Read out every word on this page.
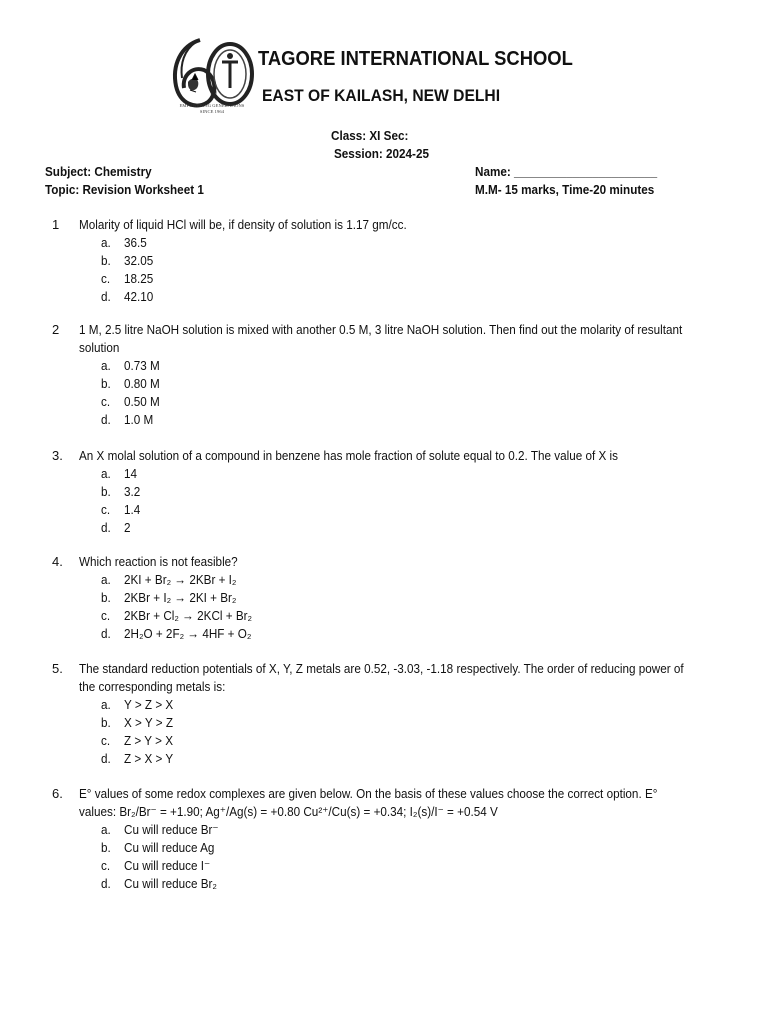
सा
मुक्त
EMPOWERING GENERATIONS
SINCE 1964
TAGORE INTERNATIONAL SCHOOL
EAST OF KAILASH, NEW DELHI
Class: XI Sec:
Session: 2024-25
Subject: Chemistry
Topic: Revision Worksheet 1
Name: ______________________
M.M- 15 marks, Time-20 minutes
1 Molarity of liquid HCl will be, if density of solution is 1.17 gm/cc.
a. 36.5
b. 32.05
c. 18.25
d. 42.10
2 1 M, 2.5 litre NaOH solution is mixed with another 0.5 M, 3 litre NaOH solution. Then find out the molarity of resultant
solution
a. 0.73 M
b. 0.80 M
c. 0.50 M
d. 1.0 M
3. An X molal solution of a compound in benzene has mole fraction of solute equal to 0.2. The value of X is
a. 14
b. 3.2
c. 1.4
d. 2
4. Which reaction is not feasible?
a. 2KI + Br₂ → 2KBr + I₂
b. 2KBr + I₂ → 2KI + Br₂
c. 2KBr + Cl₂ → 2KCl + Br₂
d. 2H₂O + 2F₂ → 4HF + O₂
5. The standard reduction potentials of X, Y, Z metals are 0.52, -3.03, -1.18 respectively. The order of reducing power of
the corresponding metals is:
a. Y > Z > X
b. X > Y > Z
c. Z > Y > X
d. Z > X > Y
6. E° values of some redox complexes are given below. On the basis of these values choose the correct option. E°
values: Br₂/Br⁻ = +1.90; Ag⁺/Ag(s) = +0.80 Cu²⁺/Cu(s) = +0.34; I₂(s)/I⁻ = +0.54 V
a. Cu will reduce Br⁻
b. Cu will reduce Ag
c. Cu will reduce I⁻
d. Cu will reduce Br₂
